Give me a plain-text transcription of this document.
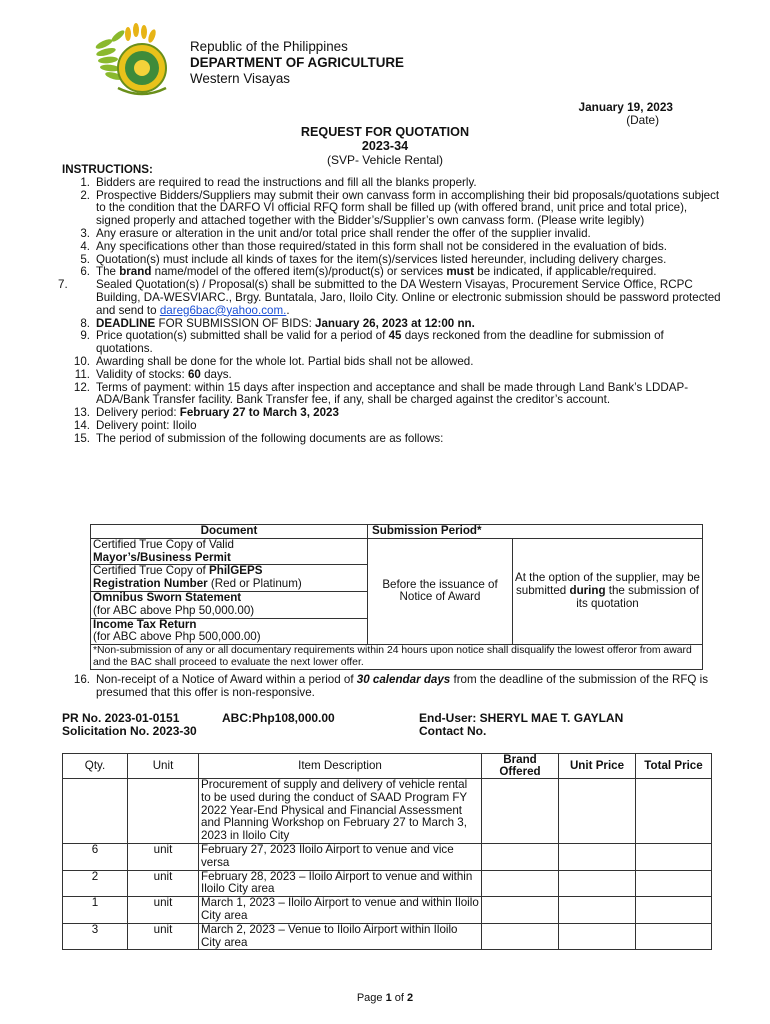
Republic of the Philippines
DEPARTMENT OF AGRICULTURE
Western Visayas
January 19, 2023
(Date)
REQUEST FOR QUOTATION
2023-34
(SVP- Vehicle Rental)
INSTRUCTIONS:
1. Bidders are required to read the instructions and fill all the blanks properly.
2. Prospective Bidders/Suppliers may submit their own canvass form in accomplishing their bid proposals/quotations subject to the condition that the DARFO VI official RFQ form shall be filled up (with offered brand, unit price and total price), signed properly and attached together with the Bidder’s/Supplier’s own canvass form. (Please write legibly)
3. Any erasure or alteration in the unit and/or total price shall render the offer of the supplier invalid.
4. Any specifications other than those required/stated in this form shall not be considered in the evaluation of bids.
5. Quotation(s) must include all kinds of taxes for the item(s)/services listed hereunder, including delivery charges.
6. The brand name/model of the offered item(s)/product(s) or services must be indicated, if applicable/required.
7. Sealed Quotation(s) / Proposal(s) shall be submitted to the DA Western Visayas, Procurement Service Office, RCPC Building, DA-WESVIARC., Brgy. Buntatala, Jaro, Iloilo City. Online or electronic submission should be password protected and send to dareg6bac@yahoo.com..
8. DEADLINE FOR SUBMISSION OF BIDS: January 26, 2023 at 12:00 nn.
9. Price quotation(s) submitted shall be valid for a period of 45 days reckoned from the deadline for submission of quotations.
10. Awarding shall be done for the whole lot. Partial bids shall not be allowed.
11. Validity of stocks: 60 days.
12. Terms of payment: within 15 days after inspection and acceptance and shall be made through Land Bank’s LDDAP-ADA/Bank Transfer facility. Bank Transfer fee, if any, shall be charged against the creditor’s account.
13. Delivery period: February 27 to March 3, 2023
14. Delivery point: Iloilo
15. The period of submission of the following documents are as follows:
Document	Submission Period*	
Certified True Copy of Valid
Mayor’s/Business Permit	Before the issuance of Notice of Award	At the option of the supplier, may be submitted during the submission of its quotation
Certified True Copy of PhilGEPS
Registration Number (Red or Platinum)		
Omnibus Sworn Statement
(for ABC above Php 50,000.00)		
Income Tax Return
(for ABC above Php 500,000.00)		
*Non-submission of any or all documentary requirements within 24 hours upon notice shall disqualify the lowest offeror from award and the BAC shall proceed to evaluate the next lower offer.		
16. Non-receipt of a Notice of Award within a period of 30 calendar days from the deadline of the submission of the RFQ is presumed that this offer is non-responsive.
PR No. 2023-01-0151	ABC:Php108,000.00
Solicitation No. 2023-30
End-User: SHERYL MAE T. GAYLAN
Contact No.
Qty.	Unit	Item Description	Brand Offered	Unit Price	Total Price
		Procurement of supply and delivery of vehicle rental to be used during the conduct of SAAD Program FY 2022 Year-End Physical and Financial Assessment and Planning Workshop on February 27 to March 3, 2023 in Iloilo City			
6	unit	February 27, 2023 Iloilo Airport to venue and vice versa			
2	unit	February 28, 2023 – Iloilo Airport to venue and within Iloilo City area			
1	unit	March 1, 2023 – Iloilo Airport to venue and within Iloilo City area			
3	unit	March 2, 2023 – Venue to Iloilo Airport within Iloilo City area			
Page 1 of 2
